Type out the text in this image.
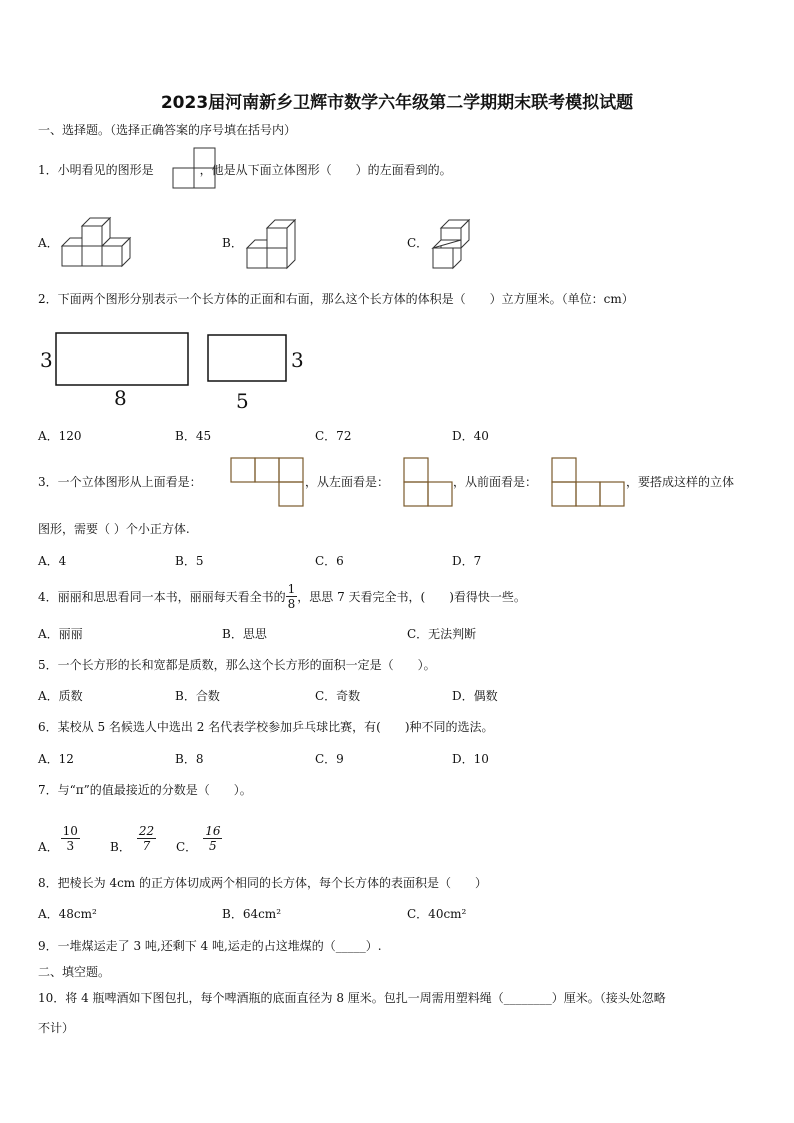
2023届河南新乡卫辉市数学六年级第二学期期末联考模拟试题
一、选择题。（选择正确答案的序号填在括号内）
1．小明看见的图形是	，他是从下面立体图形（　　）的左面看到的。
A．	B．	C．
2．下面两个图形分别表示一个长方体的正面和右面，那么这个长方体的体积是（　　）立方厘米。（单位：cm）
3
8
3
5
A．120	B．45	C．72	D．40
3．一个立体图形从上面看是：	，从左面看是：	，从前面看是：	，要搭成这样的立体
图形，需要（ ）个小正方体.
A．4	B．5	C．6	D．7
4．丽丽和思思看同一本书，丽丽每天看全书的 $\frac{1}{8}$ ，思思 7 天看完全书，(　　)看得快一些。
A．丽丽	B．思思	C．无法判断
5．一个长方形的长和宽都是质数，那么这个长方形的面积一定是（　　）。
A．质数	B．合数	C．奇数	D．偶数
6．某校从 5 名候选人中选出 2 名代表学校参加乒乓球比赛，有(　　)种不同的选法。
A．12	B．8	C．9	D．10
7．与“π”的值最接近的分数是（　　）。
A． $\frac{10}{3}$	B． $\frac{22}{7}$ C． $\frac{16}{5}$
8．把棱长为 4cm 的正方体切成两个相同的长方体，每个长方体的表面积是（　　）
A．48cm²	B．64cm²	C．40cm²
9．一堆煤运走了 3 吨,还剩下 4 吨,运走的占这堆煤的（_____）.
二、填空题。
10．将 4 瓶啤酒如下图包扎，每个啤酒瓶的底面直径为 8 厘米。包扎一周需用塑料绳（________）厘米。（接头处忽略
不计）
